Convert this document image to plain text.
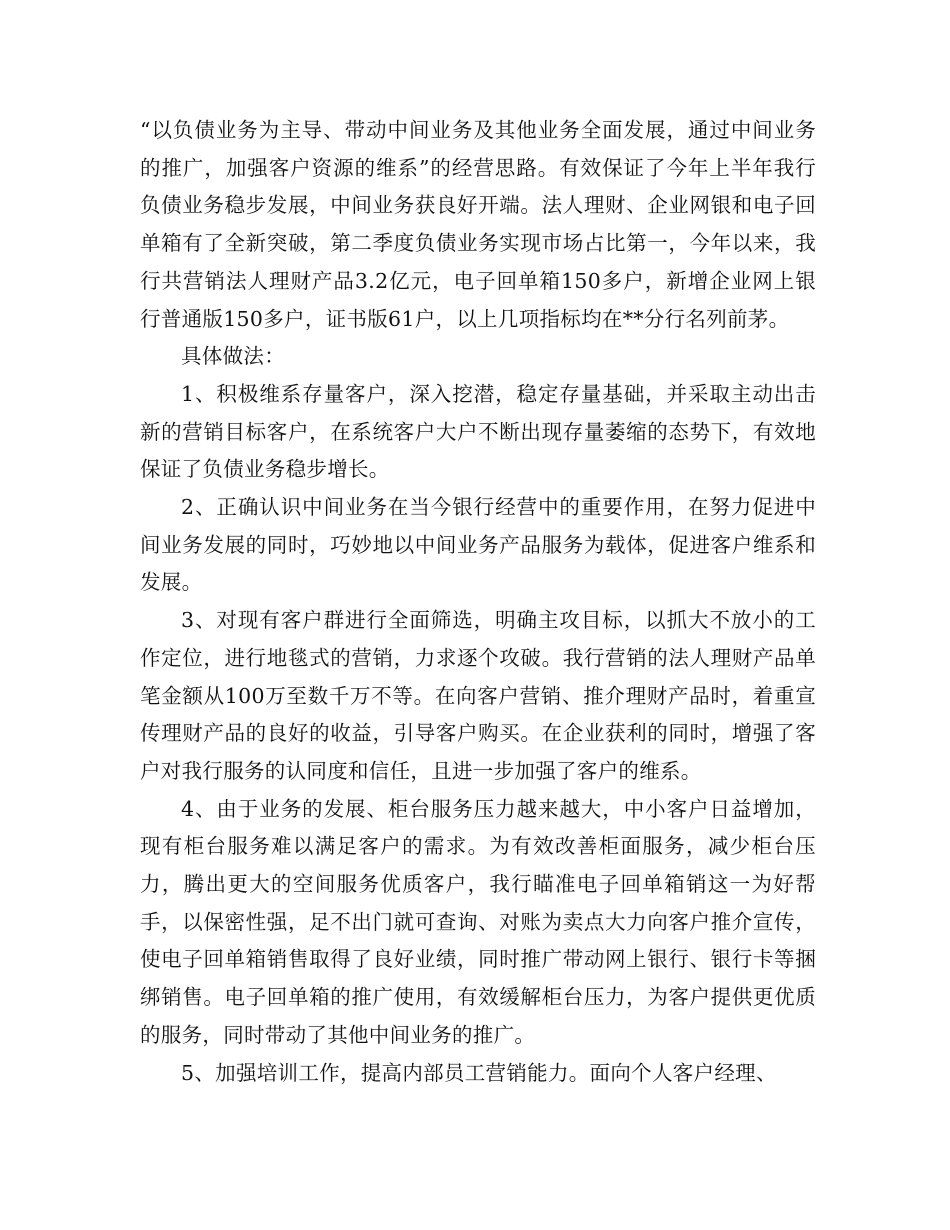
“以负债业务为主导、带动中间业务及其他业务全面发展，通过中间业务的推广，加强客户资源的维系”的经营思路。有效保证了今年上半年我行负债业务稳步发展，中间业务获良好开端。法人理财、企业网银和电子回单箱有了全新突破，第二季度负债业务实现市场占比第一，今年以来，我行共营销法人理财产品3.2亿元，电子回单箱150多户，新增企业网上银行普通版150多户，证书版61户，以上几项指标均在**分行名列前茅。

具体做法：

1、积极维系存量客户，深入挖潜，稳定存量基础，并采取主动出击新的营销目标客户，在系统客户大户不断出现存量萎缩的态势下，有效地保证了负债业务稳步增长。

2、正确认识中间业务在当今银行经营中的重要作用，在努力促进中间业务发展的同时，巧妙地以中间业务产品服务为载体，促进客户维系和发展。

3、对现有客户群进行全面筛选，明确主攻目标，以抓大不放小的工作定位，进行地毯式的营销，力求逐个攻破。我行营销的法人理财产品单笔金额从100万至数千万不等。在向客户营销、推介理财产品时，着重宣传理财产品的良好的收益，引导客户购买。在企业获利的同时，增强了客户对我行服务的认同度和信任，且进一步加强了客户的维系。

4、由于业务的发展、柜台服务压力越来越大，中小客户日益增加，现有柜台服务难以满足客户的需求。为有效改善柜面服务，减少柜台压力，腾出更大的空间服务优质客户，我行瞄准电子回单箱销这一为好帮手，以保密性强，足不出门就可查询、对账为卖点大力向客户推介宣传，使电子回单箱销售取得了良好业绩，同时推广带动网上银行、银行卡等捆绑销售。电子回单箱的推广使用，有效缓解柜台压力，为客户提供更优质的服务，同时带动了其他中间业务的推广。

5、加强培训工作，提高内部员工营销能力。面向个人客户经理、
